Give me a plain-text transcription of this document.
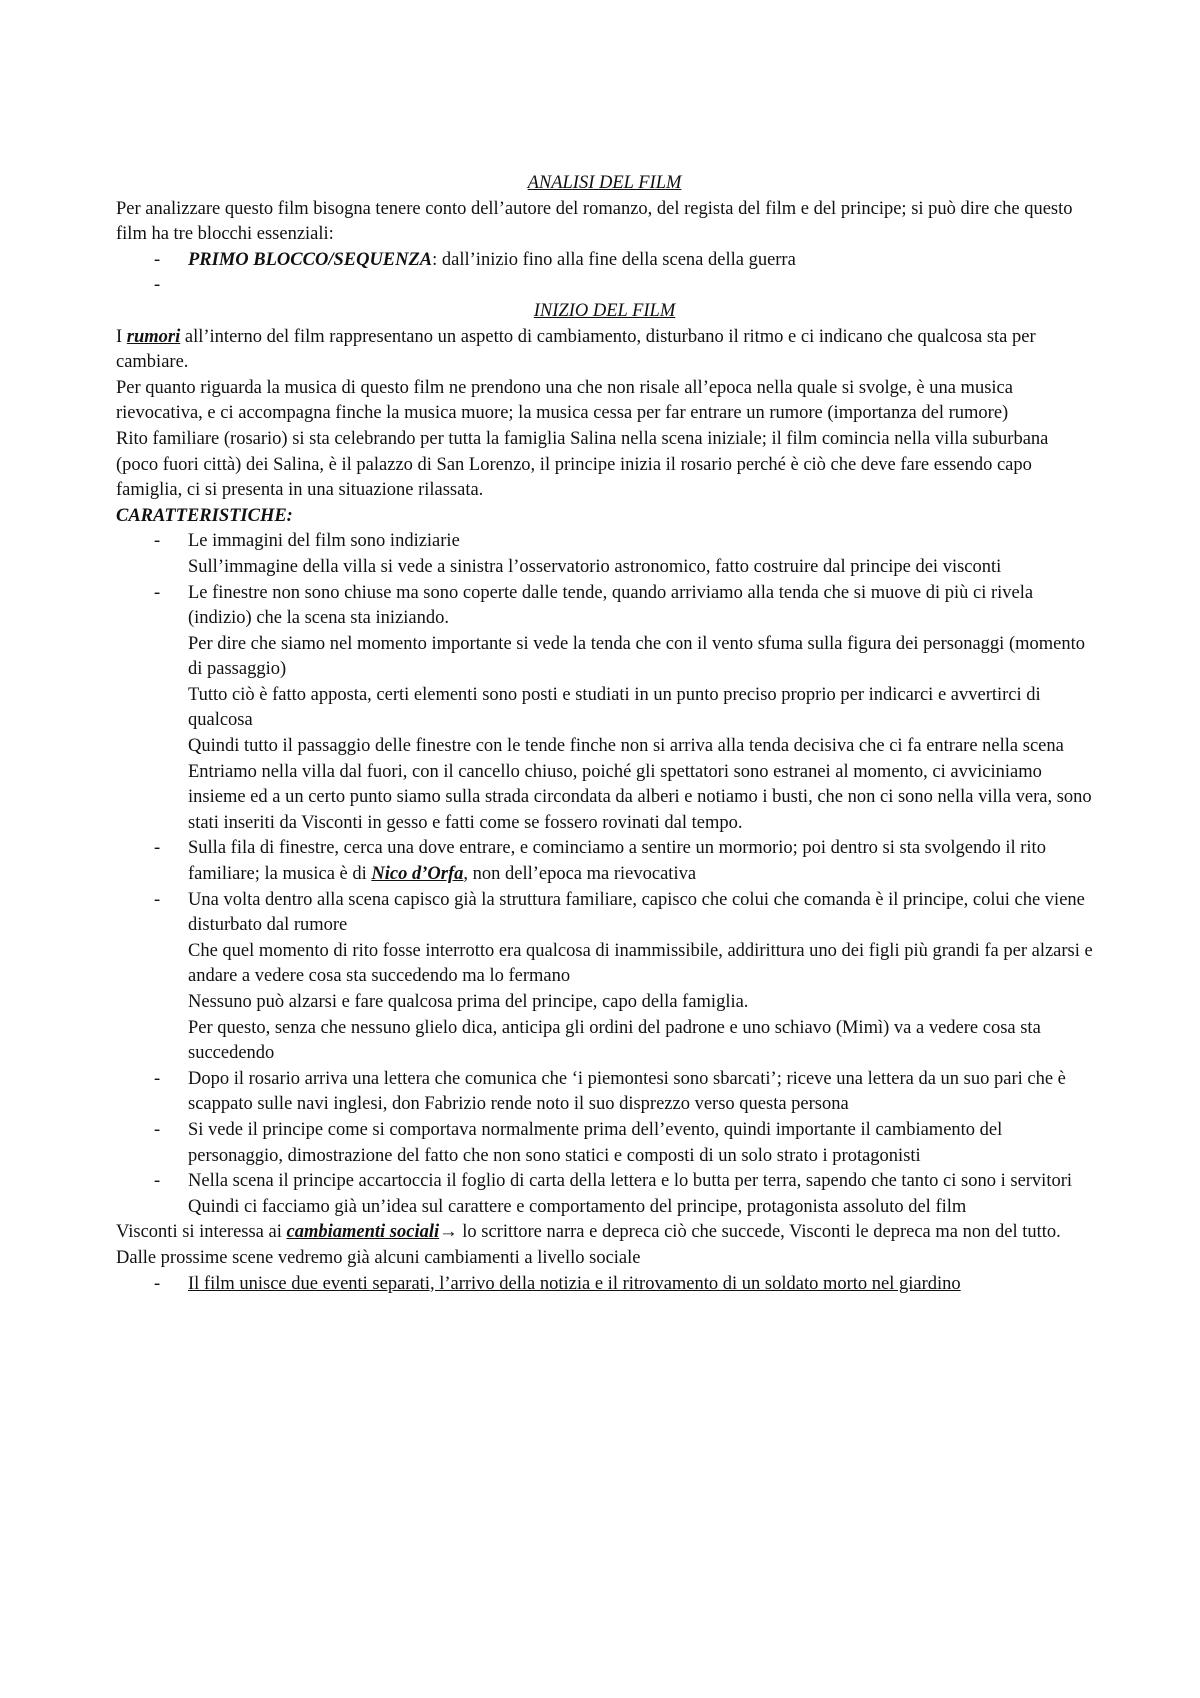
ANALISI DEL FILM

Per analizzare questo film bisogna tenere conto dell’autore del romanzo, del regista del film e del principe; si può dire che questo film ha tre blocchi essenziali:

- PRIMO BLOCCO/SEQUENZA: dall’inizio fino alla fine della scena della guerra
-

INIZIO DEL FILM

I rumori all’interno del film rappresentano un aspetto di cambiamento, disturbano il ritmo e ci indicano che qualcosa sta per cambiare.

Per quanto riguarda la musica di questo film ne prendono una che non risale all’epoca nella quale si svolge, è una musica rievocativa, e ci accompagna finche la musica muore; la musica cessa per far entrare un rumore (importanza del rumore)

Rito familiare (rosario) si sta celebrando per tutta la famiglia Salina nella scena iniziale; il film comincia nella villa suburbana (poco fuori città) dei Salina, è il palazzo di San Lorenzo, il principe inizia il rosario perché è ciò che deve fare essendo capo famiglia, ci si presenta in una situazione rilassata.

CARATTERISTICHE:

- Le immagini del film sono indiziarie
Sull’immagine della villa si vede a sinistra l’osservatorio astronomico, fatto costruire dal principe dei visconti
- Le finestre non sono chiuse ma sono coperte dalle tende, quando arriviamo alla tenda che si muove di più ci rivela (indizio) che la scena sta iniziando.
Per dire che siamo nel momento importante si vede la tenda che con il vento sfuma sulla figura dei personaggi (momento di passaggio)
Tutto ciò è fatto apposta, certi elementi sono posti e studiati in un punto preciso proprio per indicarci e avvertirci di qualcosa
Quindi tutto il passaggio delle finestre con le tende finche non si arriva alla tenda decisiva che ci fa entrare nella scena
Entriamo nella villa dal fuori, con il cancello chiuso, poiché gli spettatori sono estranei al momento, ci avviciniamo insieme ed a un certo punto siamo sulla strada circondata da alberi e notiamo i busti, che non ci sono nella villa vera, sono stati inseriti da Visconti in gesso e fatti come se fossero rovinati dal tempo.
- Sulla fila di finestre, cerca una dove entrare, e cominciamo a sentire un mormorio; poi dentro si sta svolgendo il rito familiare; la musica è di Nico d’Orfa, non dell’epoca ma rievocativa
- Una volta dentro alla scena capisco già la struttura familiare, capisco che colui che comanda è il principe, colui che viene disturbato dal rumore
Che quel momento di rito fosse interrotto era qualcosa di inammissibile, addirittura uno dei figli più grandi fa per alzarsi e andare a vedere cosa sta succedendo ma lo fermano
Nessuno può alzarsi e fare qualcosa prima del principe, capo della famiglia.
Per questo, senza che nessuno glielo dica, anticipa gli ordini del padrone e uno schiavo (Mimì) va a vedere cosa sta succedendo
- Dopo il rosario arriva una lettera che comunica che ‘i piemontesi sono sbarcati’; riceve una lettera da un suo pari che è scappato sulle navi inglesi, don Fabrizio rende noto il suo disprezzo verso questa persona
- Si vede il principe come si comportava normalmente prima dell’evento, quindi importante il cambiamento del personaggio, dimostrazione del fatto che non sono statici e composti di un solo strato i protagonisti
- Nella scena il principe accartoccia il foglio di carta della lettera e lo butta per terra, sapendo che tanto ci sono i servitori
Quindi ci facciamo già un’idea sul carattere e comportamento del principe, protagonista assoluto del film

Visconti si interessa ai cambiamenti sociali→ lo scrittore narra e depreca ciò che succede, Visconti le depreca ma non del tutto.

Dalle prossime scene vedremo già alcuni cambiamenti a livello sociale

- Il film unisce due eventi separati, l’arrivo della notizia e il ritrovamento di un soldato morto nel giardino
